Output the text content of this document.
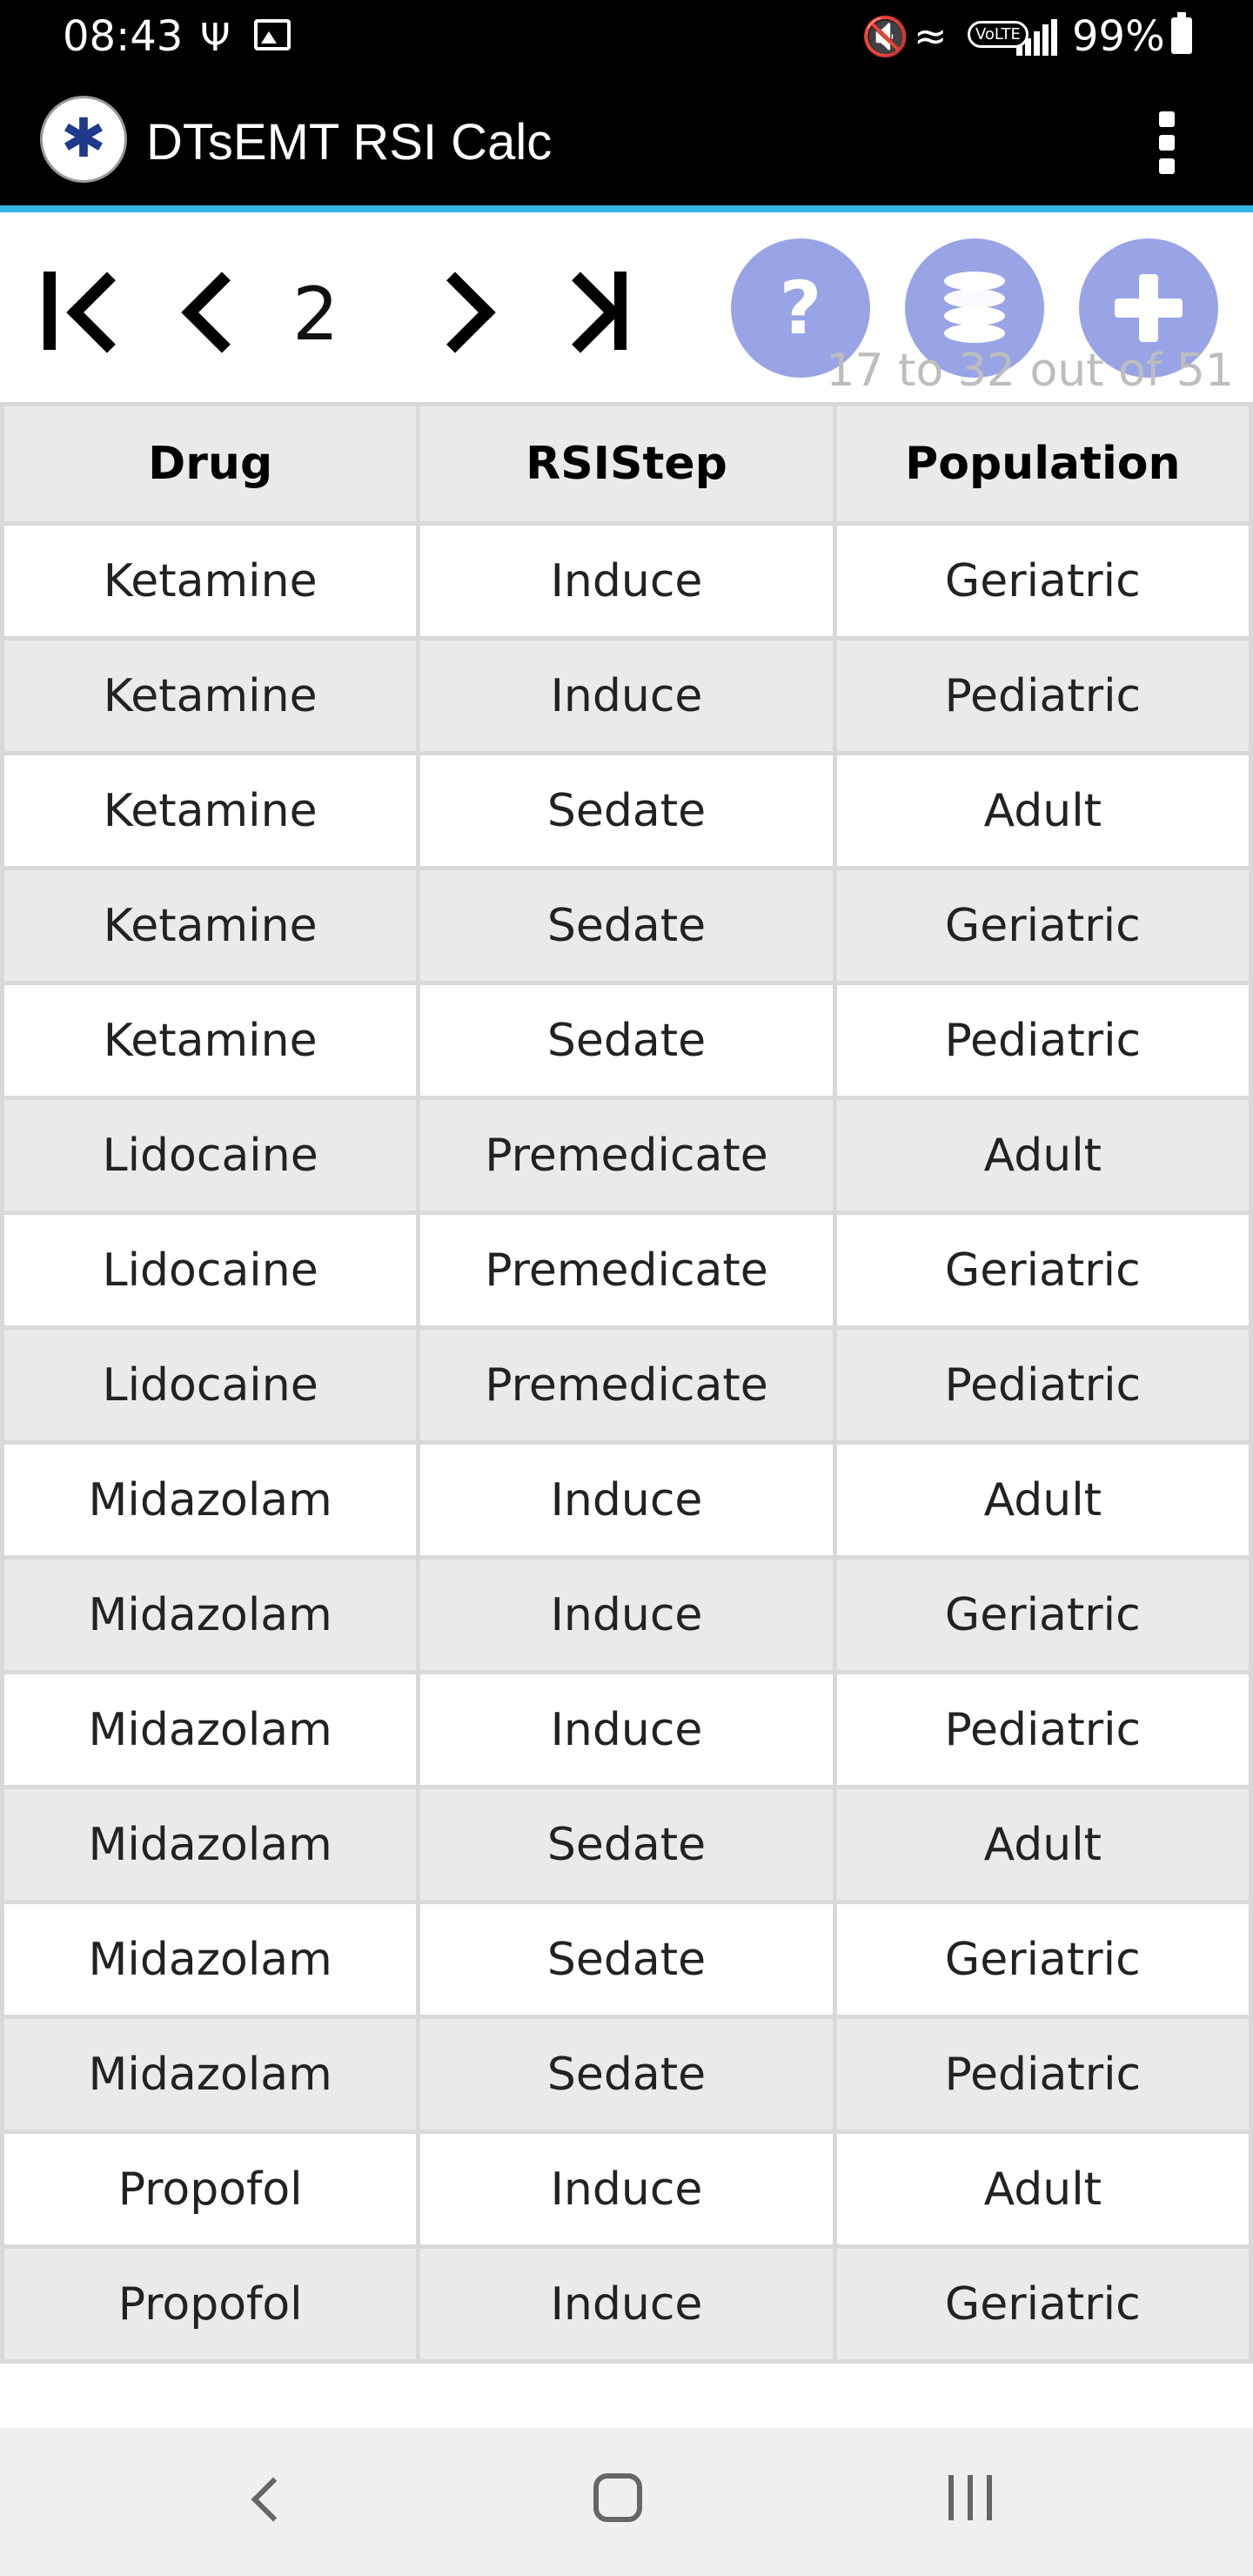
08:43 Ψ	🔇 ≈	VoLTE 99%
✱ DTsEMT RSI Calc
2	?
17 to 32 out of 51
Drug	RSIStep	Population
Ketamine	Induce	Geriatric
Ketamine	Induce	Pediatric
Ketamine	Sedate	Adult
Ketamine	Sedate	Geriatric
Ketamine	Sedate	Pediatric
Lidocaine	Premedicate	Adult
Lidocaine	Premedicate	Geriatric
Lidocaine	Premedicate	Pediatric
Midazolam	Induce	Adult
Midazolam	Induce	Geriatric
Midazolam	Induce	Pediatric
Midazolam	Sedate	Adult
Midazolam	Sedate	Geriatric
Midazolam	Sedate	Pediatric
Propofol	Induce	Adult
Propofol	Induce	Geriatric
